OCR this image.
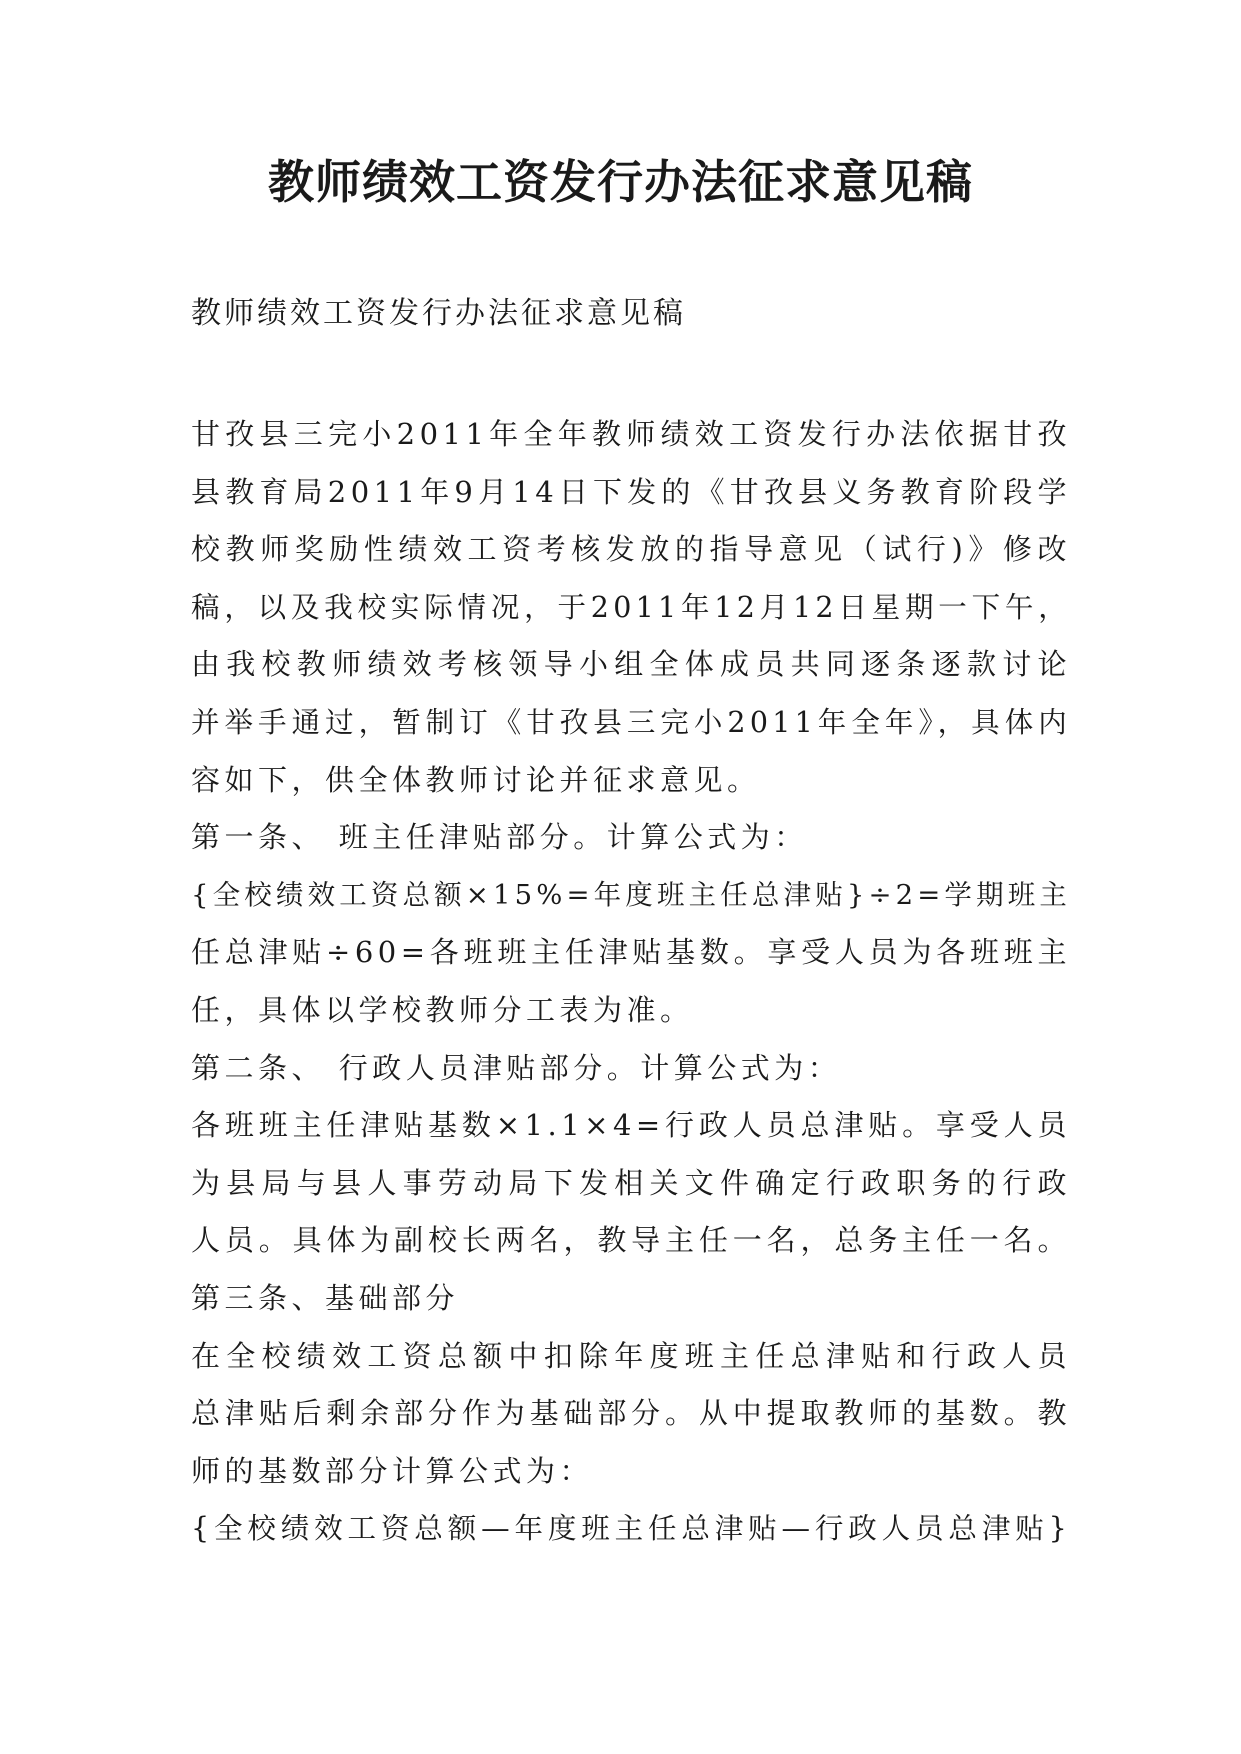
教师绩效工资发行办法征求意见稿

教师绩效工资发行办法征求意见稿

甘孜县三完小2011年全年教师绩效工资发行办法依据甘孜
县教育局2011年9月14日下发的《甘孜县义务教育阶段学
校教师奖励性绩效工资考核发放的指导意见（试行)》修改
稿，以及我校实际情况，于2011年12月12日星期一下午，
由我校教师绩效考核领导小组全体成员共同逐条逐款讨论
并举手通过，暂制订《甘孜县三完小2011年全年》，具体内
容如下，供全体教师讨论并征求意见。
第一条、 班主任津贴部分。计算公式为：
{全校绩效工资总额×15%=年度班主任总津贴}÷2=学期班主
任总津贴÷60=各班班主任津贴基数。享受人员为各班班主
任，具体以学校教师分工表为准。
第二条、 行政人员津贴部分。计算公式为：
各班班主任津贴基数×1.1×4=行政人员总津贴。享受人员
为县局与县人事劳动局下发相关文件确定行政职务的行政
人员。具体为副校长两名，教导主任一名，总务主任一名。
第三条、基础部分
在全校绩效工资总额中扣除年度班主任总津贴和行政人员
总津贴后剩余部分作为基础部分。从中提取教师的基数。教
师的基数部分计算公式为：
{全校绩效工资总额—年度班主任总津贴—行政人员总津贴}
